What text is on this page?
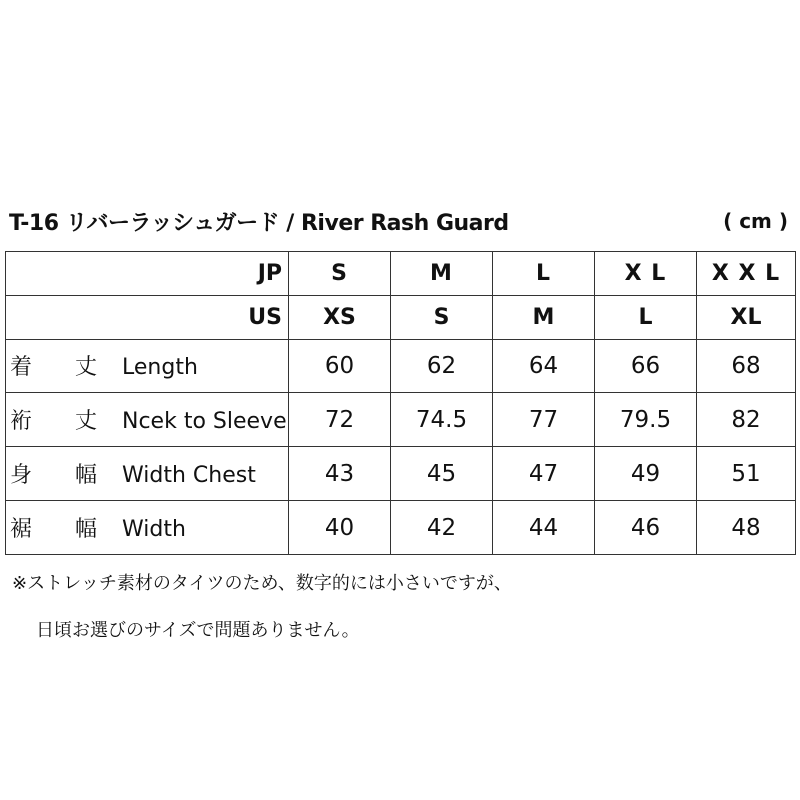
T-16 リバーラッシュガード / River Rash Guard	( cm )
JP	S	M	L	X L	X X L
US	XS	S	M	L	XL
着 丈 Length	60	62	64	66	68
裄 丈 Ncek to Sleeve	72	74.5	77	79.5	82
身 幅 Width Chest	43	45	47	49	51
裾 幅 Width	40	42	44	46	48
※ストレッチ素材のタイツのため、数字的には小さいですが、
日頃お選びのサイズで問題ありません。
